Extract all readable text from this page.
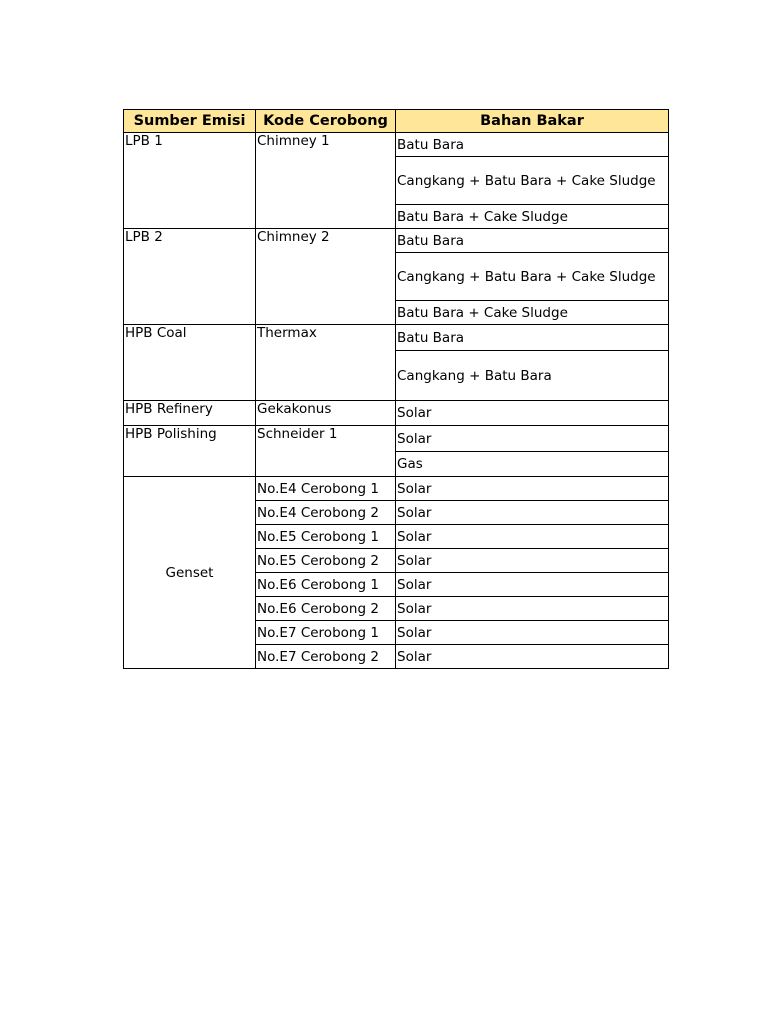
Sumber Emisi	Kode Cerobong	Bahan Bakar
LPB 1	Chimney 1	Batu Bara
		Cangkang + Batu Bara + Cake Sludge
		Batu Bara + Cake Sludge
LPB 2	Chimney 2	Batu Bara
		Cangkang + Batu Bara + Cake Sludge
		Batu Bara + Cake Sludge
HPB Coal	Thermax	Batu Bara
		Cangkang + Batu Bara
HPB Refinery	Gekakonus	Solar
HPB Polishing	Schneider 1	Solar
		Gas
Genset	No.E4 Cerobong 1	Solar
	No.E4 Cerobong 2	Solar
	No.E5 Cerobong 1	Solar
	No.E5 Cerobong 2	Solar
	No.E6 Cerobong 1	Solar
	No.E6 Cerobong 2	Solar
	No.E7 Cerobong 1	Solar
	No.E7 Cerobong 2	Solar
